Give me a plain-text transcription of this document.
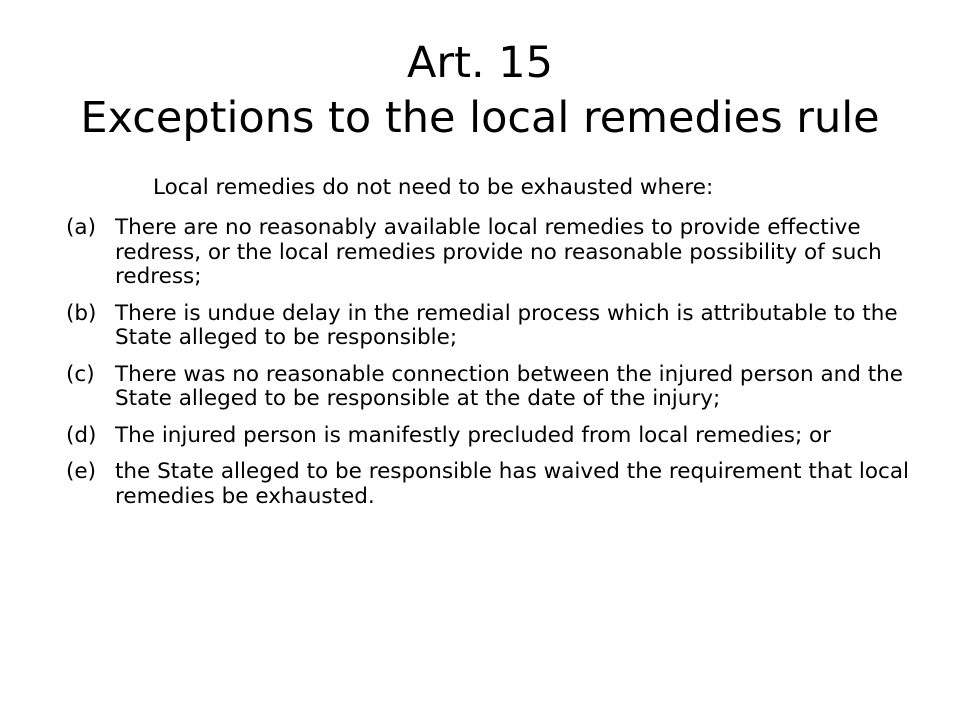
Art. 15
Exceptions to the local remedies rule
Local remedies do not need to be exhausted where:
(a) There are no reasonably available local remedies to provide effective redress, or the local remedies provide no reasonable possibility of such redress;
(b) There is undue delay in the remedial process which is attributable to the State alleged to be responsible;
(c) There was no reasonable connection between the injured person and the State alleged to be responsible at the date of the injury;
(d) The injured person is manifestly precluded from local remedies; or
(e) the State alleged to be responsible has waived the requirement that local remedies be exhausted.
